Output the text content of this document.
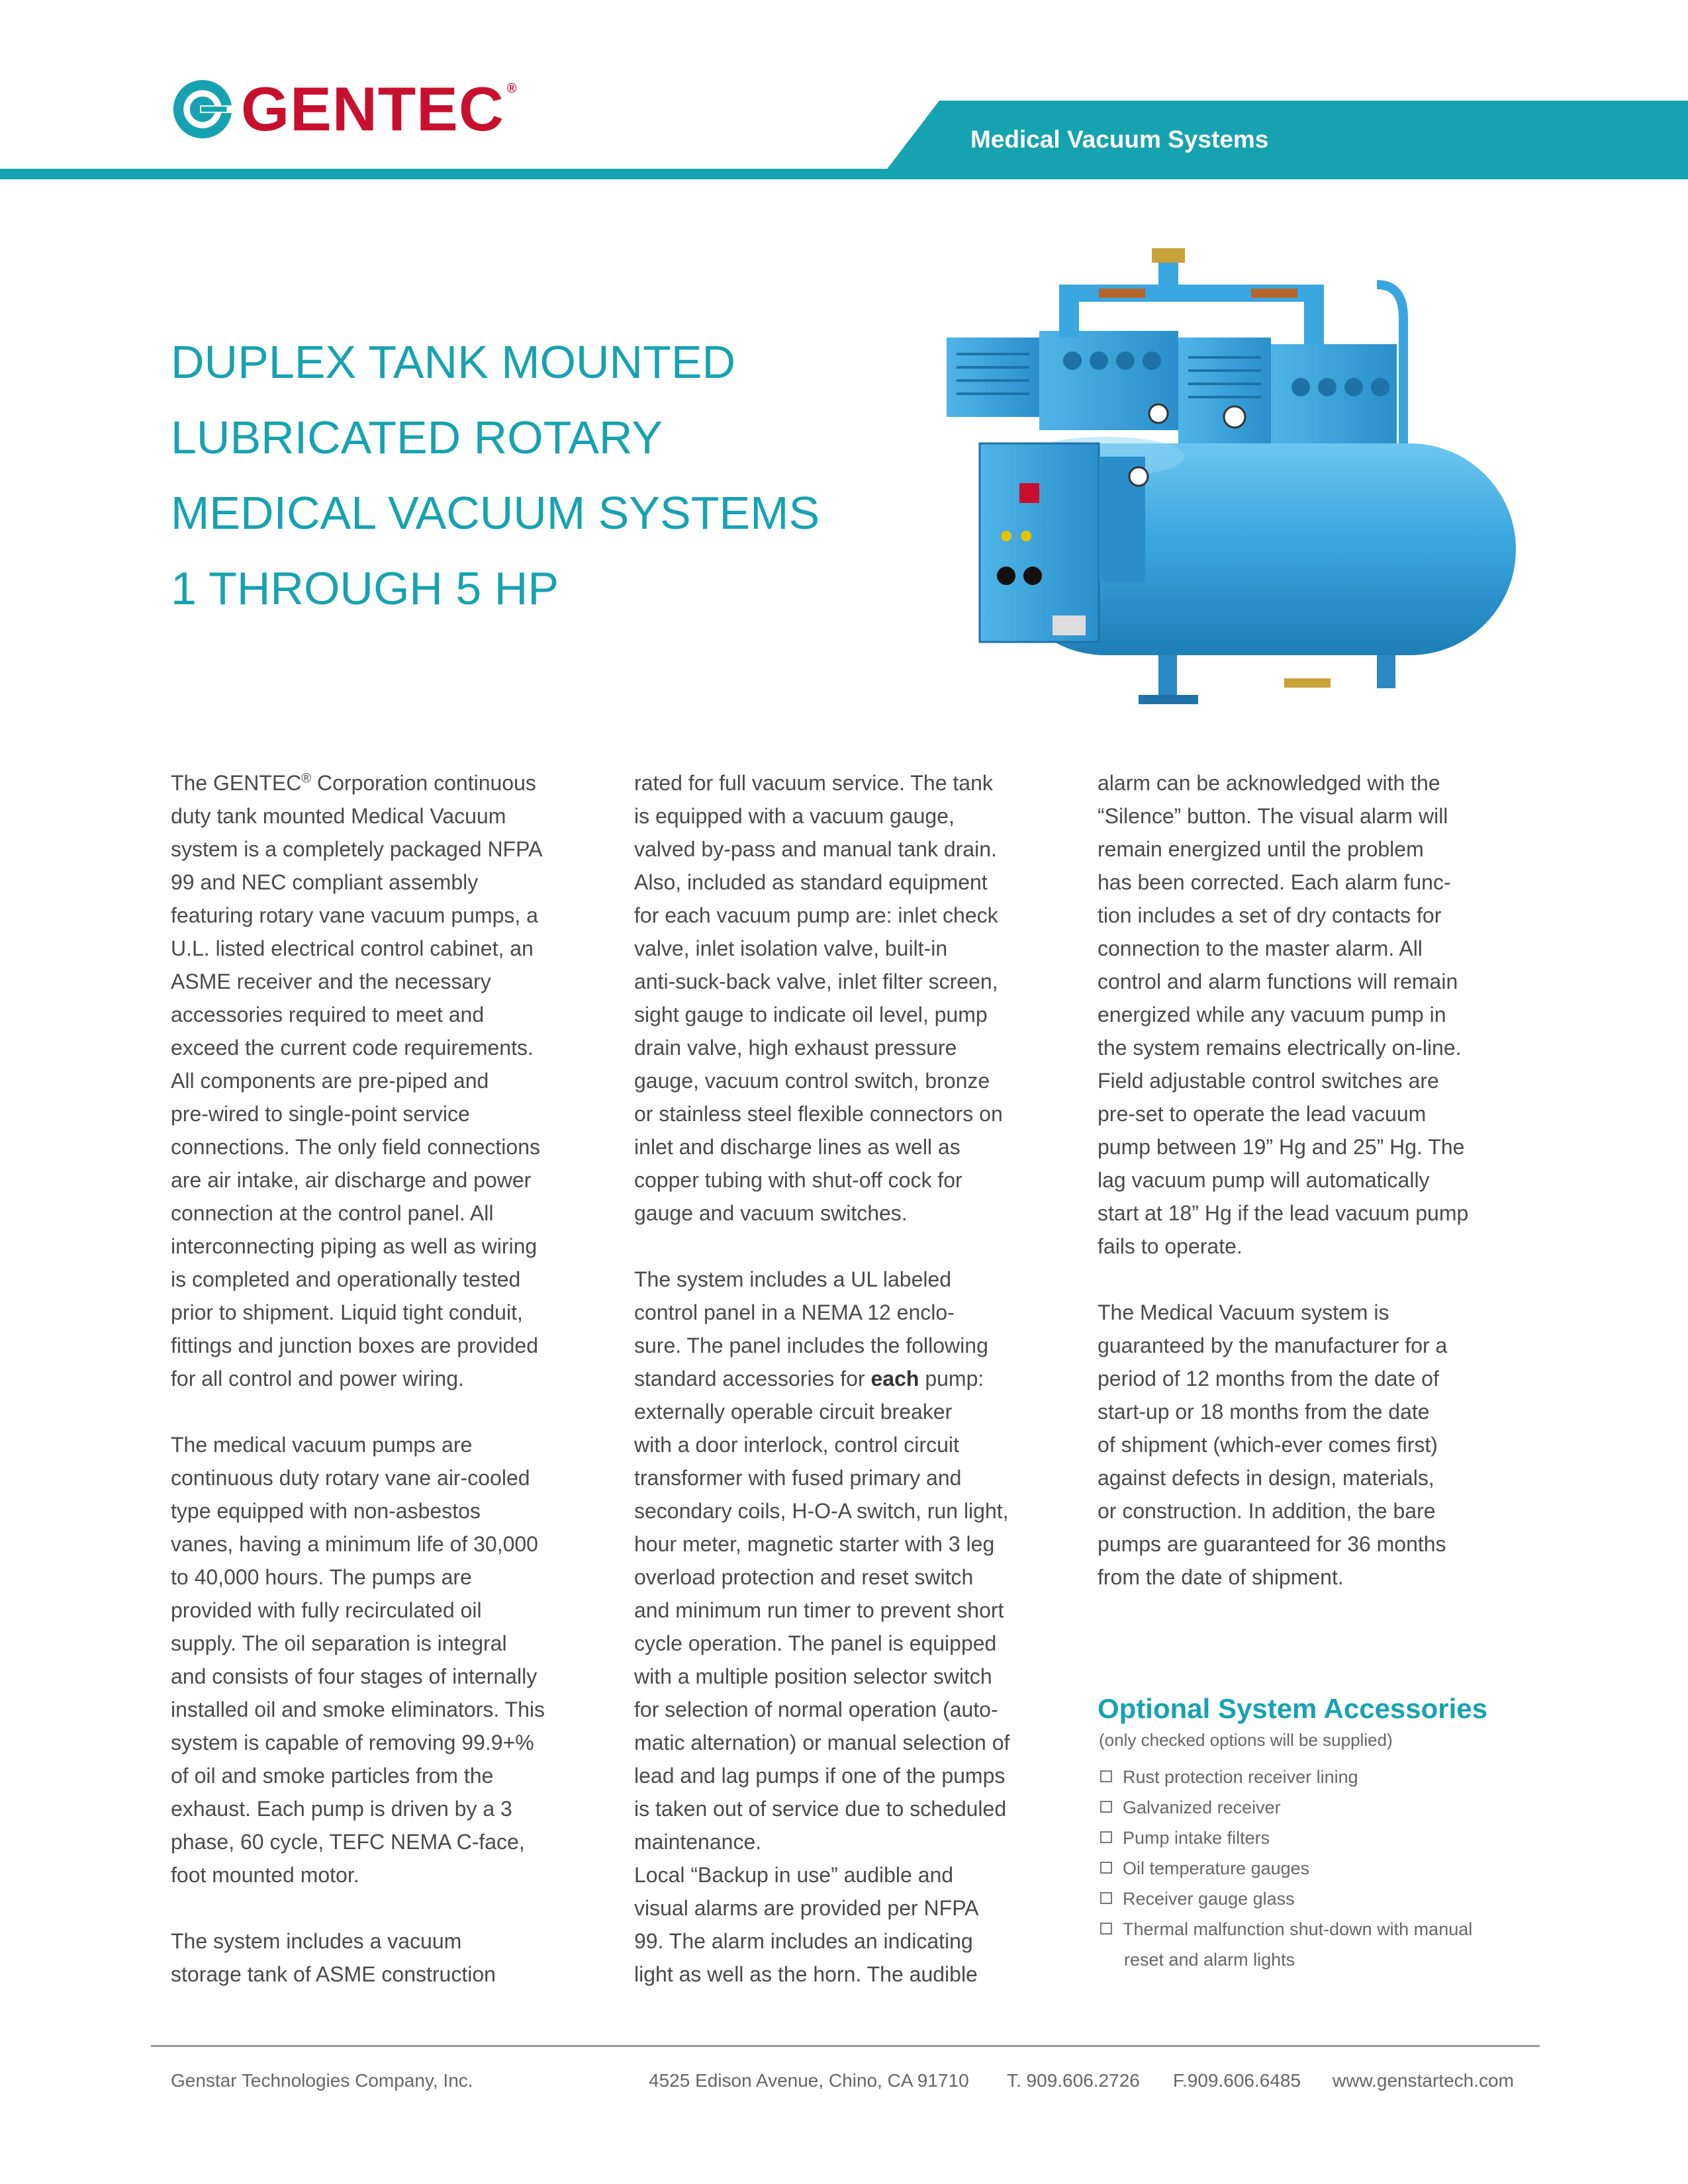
GENTEC ®
Medical Vacuum Systems
DUPLEX TANK MOUNTED
LUBRICATED ROTARY
MEDICAL VACUUM SYSTEMS
1 THROUGH 5 HP

The GENTEC® Corporation continuous

duty tank mounted Medical Vacuum

system is a completely packaged NFPA

99 and NEC compliant assembly

featuring rotary vane vacuum pumps, a

U.L. listed electrical control cabinet, an

ASME receiver and the necessary

accessories required to meet and

exceed the current code requirements.

All components are pre-piped and

pre-wired to single-point service

connections. The only field connections

are air intake, air discharge and power

connection at the control panel. All

interconnecting piping as well as wiring

is completed and operationally tested

prior to shipment. Liquid tight conduit,

fittings and junction boxes are provided

for all control and power wiring.

The medical vacuum pumps are

continuous duty rotary vane air-cooled

type equipped with non-asbestos

vanes, having a minimum life of 30,000

to 40,000 hours. The pumps are

provided with fully recirculated oil

supply. The oil separation is integral

and consists of four stages of internally

installed oil and smoke eliminators. This

system is capable of removing 99.9+%

of oil and smoke particles from the

exhaust. Each pump is driven by a 3

phase, 60 cycle, TEFC NEMA C-face,

foot mounted motor.

The system includes a vacuum

storage tank of ASME construction

rated for full vacuum service. The tank

is equipped with a vacuum gauge,

valved by-pass and manual tank drain.

Also, included as standard equipment

for each vacuum pump are: inlet check

valve, inlet isolation valve, built-in

anti-suck-back valve, inlet filter screen,

sight gauge to indicate oil level, pump

drain valve, high exhaust pressure

gauge, vacuum control switch, bronze

or stainless steel flexible connectors on

inlet and discharge lines as well as

copper tubing with shut-off cock for

gauge and vacuum switches.

The system includes a UL labeled

control panel in a NEMA 12 enclo-

sure. The panel includes the following

standard accessories for each pump:

externally operable circuit breaker

with a door interlock, control circuit

transformer with fused primary and

secondary coils, H-O-A switch, run light,

hour meter, magnetic starter with 3 leg

overload protection and reset switch

and minimum run timer to prevent short

cycle operation. The panel is equipped

with a multiple position selector switch

for selection of normal operation (auto-

matic alternation) or manual selection of

lead and lag pumps if one of the pumps

is taken out of service due to scheduled

maintenance.

Local “Backup in use” audible and

visual alarms are provided per NFPA

99. The alarm includes an indicating

light as well as the horn. The audible

alarm can be acknowledged with the

“Silence” button. The visual alarm will

remain energized until the problem

has been corrected. Each alarm func-

tion includes a set of dry contacts for

connection to the master alarm. All

control and alarm functions will remain

energized while any vacuum pump in

the system remains electrically on-line.

Field adjustable control switches are

pre-set to operate the lead vacuum

pump between 19” Hg and 25” Hg. The

lag vacuum pump will automatically

start at 18” Hg if the lead vacuum pump

fails to operate.

The Medical Vacuum system is

guaranteed by the manufacturer for a

period of 12 months from the date of

start-up or 18 months from the date

of shipment (which-ever comes first)

against defects in design, materials,

or construction. In addition, the bare

pumps are guaranteed for 36 months

from the date of shipment.

Optional System Accessories
(only checked options will be supplied)
Rust protection receiver lining
Galvanized receiver
Pump intake filters
Oil temperature gauges
Receiver gauge glass
Thermal malfunction shut-down with manual
reset and alarm lights
Genstar Technologies Company, Inc.	4525 Edison Avenue, Chino, CA 91710 T. 909.606.2726 F.909.606.6485 www.genstartech.com
